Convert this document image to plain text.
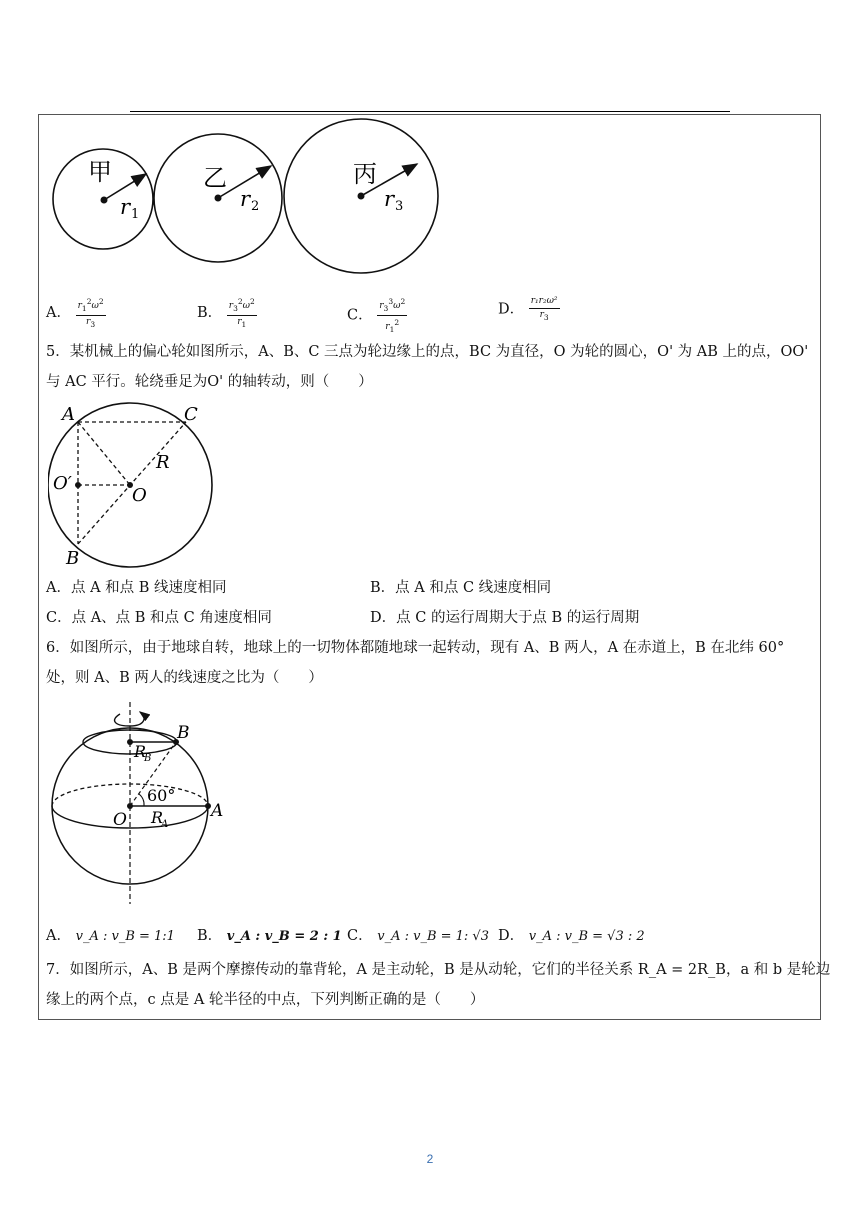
甲	乙	丙
r 1
r 2	r 3
A． $\frac{r_1^2\omega^2}{r_3}$	B． $\frac{r_3^2\omega^2}{r_1}$	C． $\frac{r_3^3\omega^2}{r_1^2}$	D． $\frac{\text{r₁r₂ω²}}{r_3}$
5．某机械上的偏心轮如图所示，A、B、C 三点为轮边缘上的点，BC 为直径，O 为轮的圆心，O' 为 AB 上的点，OO'
与 AC 平行。轮绕垂足为O' 的轴转动，则（　　）
A	C
B
O
O′
R
A．点 A 和点 B 线速度相同	B．点 A 和点 C 线速度相同
C．点 A、点 B 和点 C 角速度相同	D．点 C 的运行周期大于点 B 的运行周期
6．如图所示，由于地球自转，地球上的一切物体都随地球一起转动，现有 A、B 两人，A 在赤道上，B 在北纬 60°
处，则 A、B 两人的线速度之比为（　　）
B
A
O
R
B
R
A
60°
A． v_A : v_B = 1:1 B． v_A : v_B = 2 : 1 C． v_A : v_B = 1: √3 D． v_A : v_B = √3 : 2
7．如图所示，A、B 是两个摩擦传动的靠背轮，A 是主动轮，B 是从动轮，它们的半径关系 R_A = 2R_B，a 和 b 是轮边
缘上的两个点，c 点是 A 轮半径的中点，下列判断正确的是（　　）
2
